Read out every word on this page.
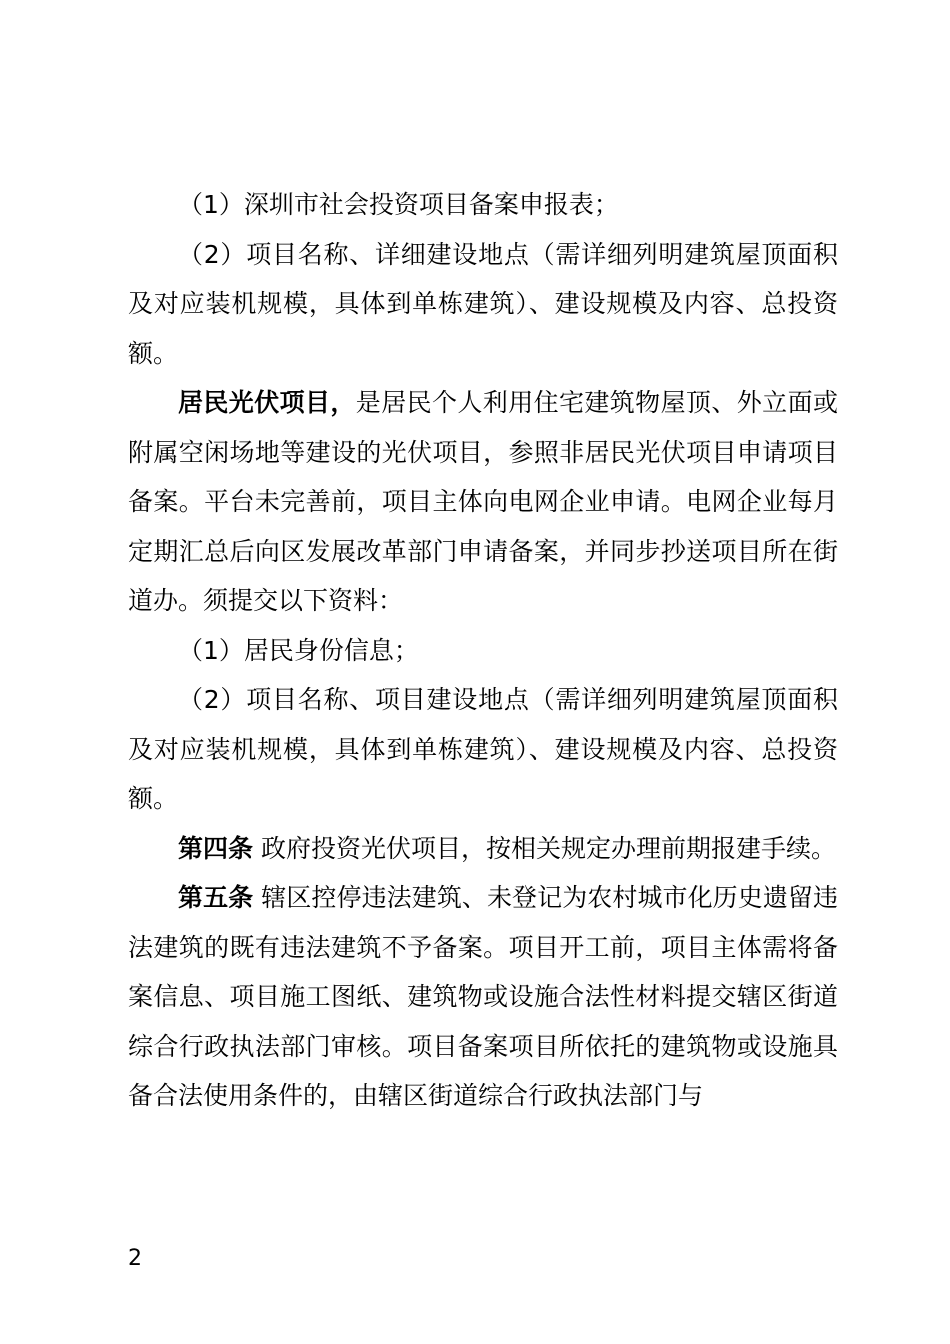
（1）深圳市社会投资项目备案申报表；

（2）项目名称、详细建设地点（需详细列明建筑屋顶面积及对应装机规模，具体到单栋建筑）、建设规模及内容、总投资额。

居民光伏项目，是居民个人利用住宅建筑物屋顶、外立面或附属空闲场地等建设的光伏项目，参照非居民光伏项目申请项目备案。平台未完善前，项目主体向电网企业申请。电网企业每月定期汇总后向区发展改革部门申请备案，并同步抄送项目所在街道办。须提交以下资料：

（1）居民身份信息；

（2）项目名称、项目建设地点（需详细列明建筑屋顶面积及对应装机规模，具体到单栋建筑）、建设规模及内容、总投资额。

第四条 政府投资光伏项目，按相关规定办理前期报建手续。

第五条 辖区控停违法建筑、未登记为农村城市化历史遗留违法建筑的既有违法建筑不予备案。项目开工前，项目主体需将备案信息、项目施工图纸、建筑物或设施合法性材料提交辖区街道综合行政执法部门审核。项目备案项目所依托的建筑物或设施具备合法使用条件的，由辖区街道综合行政执法部门与

2
